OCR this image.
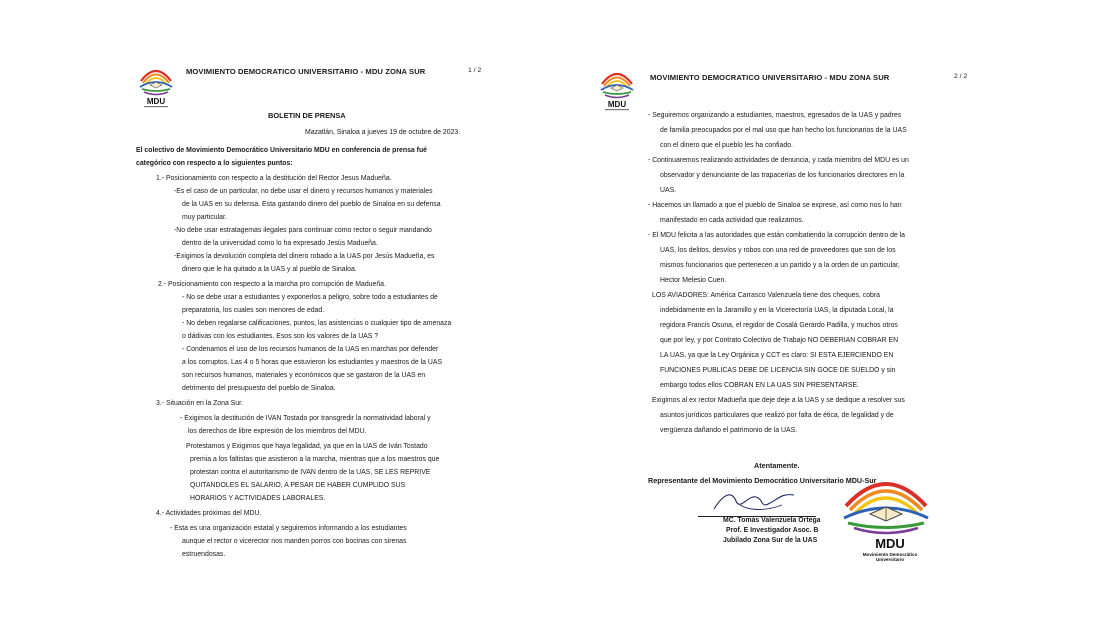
MDU
MOVIMIENTO DEMOCRATICO UNIVERSITARIO - MDU ZONA SUR	1 / 2
BOLETIN DE PRENSA
Mazatlán, Sinaloa a jueves 19 de octubre de 2023.
El colectivo de Movimiento Democrático Universitario MDU en conferencia de prensa fué
categórico con respecto a lo siguientes puntos:
1.- Posicionamiento con respecto a la destitución del Rector Jesus Madueña.
-Es el caso de un particular, no debe usar el dinero y recursos humanos y materiales
de la UAS en su defensa. Esta gastando dinero del pueblo de Sinaloa en su defensa
muy particular.
-No debe usar estratagemas ilegales para continuar como rector o seguir mandando
dentro de la universidad como lo ha expresado Jesús Madueña.
-Exigimos la devolución completa del dinero robado a la UAS por Jesús Madueña, es
dinero que le ha quitado a la UAS y al pueblo de Sinaloa.
2.- Posicionamiento con respecto a la marcha pro corrupción de Madueña.
- No se debe usar a estudiantes y exponerlos a peligro, sobre todo a estudiantes de
preparatoria, los cuales son menores de edad.
- No deben regalarse calificaciones, puntos, las asistencias o cualquier tipo de amenaza
o dádivas con los estudiantes. Esos son los valores de la UAS ?
- Condenamos el uso de los recursos humanos de la UAS en marchas por defender
a los corruptos. Las 4 o 5 horas que estuvieron los estudiantes y maestros de la UAS
son recursos humanos, materiales y económicos que se gastaron de la UAS en
detrimento del presupuesto del pueblo de Sinaloa.
3.- Situación en la Zona Sur.
- Exigimos la destitución de IVAN Tostado por transgredir la normatividad laboral y
los derechos de libre expresión de los miembros del MDU.
Protestamos y Exigimos que haya legalidad, ya que en la UAS de Iván Tostado
premia a los faltistas que asistieron a la marcha, mientras que a los maestros que
protestan contra el autoritarismo de IVAN dentro de la UAS, SE LES REPRIVE
QUITANDOLES EL SALARIO, A PESAR DE HABER CUMPLIDO SUS
HORARIOS Y ACTIVIDADES LABORALES.
4.- Actividades próximas del MDU.
- Esta es una organización estatal y seguiremos informando a los estudiantes
aunque el rector o vicerector nos manden porros con bocinas con sirenas
estruendosas.
MDU
MOVIMIENTO DEMOCRATICO UNIVERSITARIO - MDU ZONA SUR	2 / 2
- Seguiremos organizando a estudiantes, maestros, egresados de la UAS y padres
de familia preocupados por el mal uso que han hecho los funcionarios de la UAS
con el dinero que el pueblo les ha confiado.
- Continuaremos realizando actividades de denuncia, y cada miembro del MDU es un
observador y denunciante de las trapacerías de los funcionarios directores en la
UAS.
- Hacemos un llamado a que el pueblo de Sinaloa se exprese, así como nos lo han
manifestado en cada actividad que realizamos.
- El MDU felicita a las autoridades que están combatiendo la corrupción dentro de la
UAS, los delitos, desvíos y robos con una red de proveedores que son de los
mismos funcionarios que pertenecen a un partido y a la orden de un particular,
Hector Melesio Cuen.
LOS AVIADORES: América Carrasco Valenzuela tiene dos cheques, cobra
indebidamente en la Jaramillo y en la Vicerectoría UAS, la diputada Local, la
regidora Francis Osuna, el regidor de Cosalá Gerardo Padilla, y muchos otros
que por ley, y por Contrato Colectivo de Trabajo NO DEBERIAN COBRAR EN
LA UAS, ya que la Ley Orgánica y CCT es claro: SI ESTA EJERCIENDO EN
FUNCIONES PUBLICAS DEBE DE LICENCIA SIN GOCE DE SUELDO y sin
embargo todos ellos COBRAN EN LA UAS SIN PRESENTARSE.
Exigimos al ex rector Madueña que deje deje a la UAS y se dedique a resolver sus
asuntos jurídicos particulares que realizó por falta de ética, de legalidad y de
vergüenza dañando el patrimonio de la UAS.
Atentamente.
Representante del Movimiento Democrático Universitario MDU-Sur
MC. Tomás Valenzuela Ortega
Prof. E Investigador Asoc. B
Jubilado Zona Sur de la UAS	MDU
Movimiento Democrático
Universitario
